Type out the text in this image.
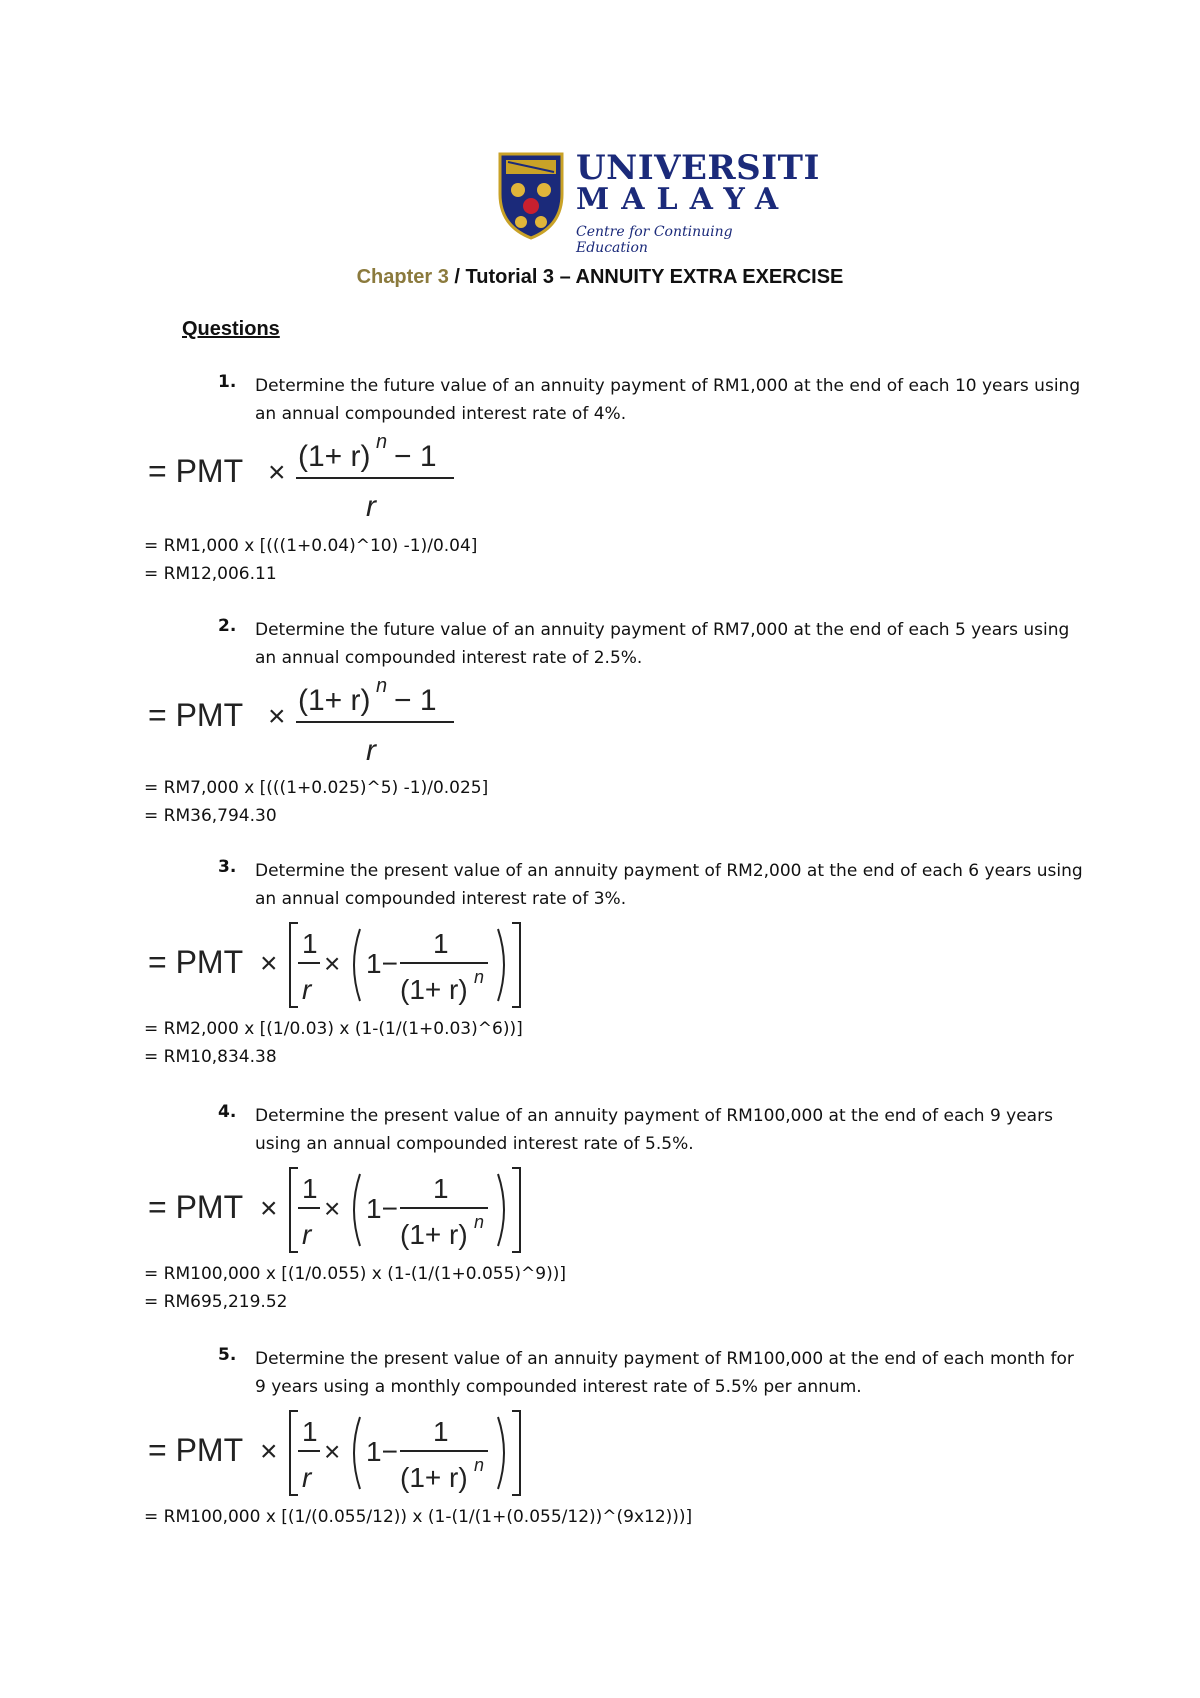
UNIVERSITI
MALAYA
Centre for Continuing Education
Chapter 3 / Tutorial 3 – ANNUITY EXTRA EXERCISE
Questions
1. Determine the future value of an annuity payment of RM1,000 at the end of each 10 years using an annual compounded interest rate of 4%.
= PMT × (1+ r) n − 1
r
= RM1,000 x [(((1+0.04)^10) -1)/0.04]
= RM12,006.11
2. Determine the future value of an annuity payment of RM7,000 at the end of each 5 years using an annual compounded interest rate of 2.5%.
= PMT × (1+ r) n − 1
r
= RM7,000 x [(((1+0.025)^5) -1)/0.025]
= RM36,794.30
3. Determine the present value of an annuity payment of RM2,000 at the end of each 6 years using an annual compounded interest rate of 3%.
= PMT ×
1
r
× 1−
1
(1+ r) n
= RM2,000 x [(1/0.03) x (1-(1/(1+0.03)^6))]
= RM10,834.38
4. Determine the present value of an annuity payment of RM100,000 at the end of each 9 years using an annual compounded interest rate of 5.5%.
= PMT ×
1
r
× 1−
1
(1+ r) n
= RM100,000 x [(1/0.055) x (1-(1/(1+0.055)^9))]
= RM695,219.52
5. Determine the present value of an annuity payment of RM100,000 at the end of each month for 9 years using a monthly compounded interest rate of 5.5% per annum.
= PMT ×
1
r
× 1−
1
(1+ r) n
= RM100,000 x [(1/(0.055/12)) x (1-(1/(1+(0.055/12))^(9x12)))]
